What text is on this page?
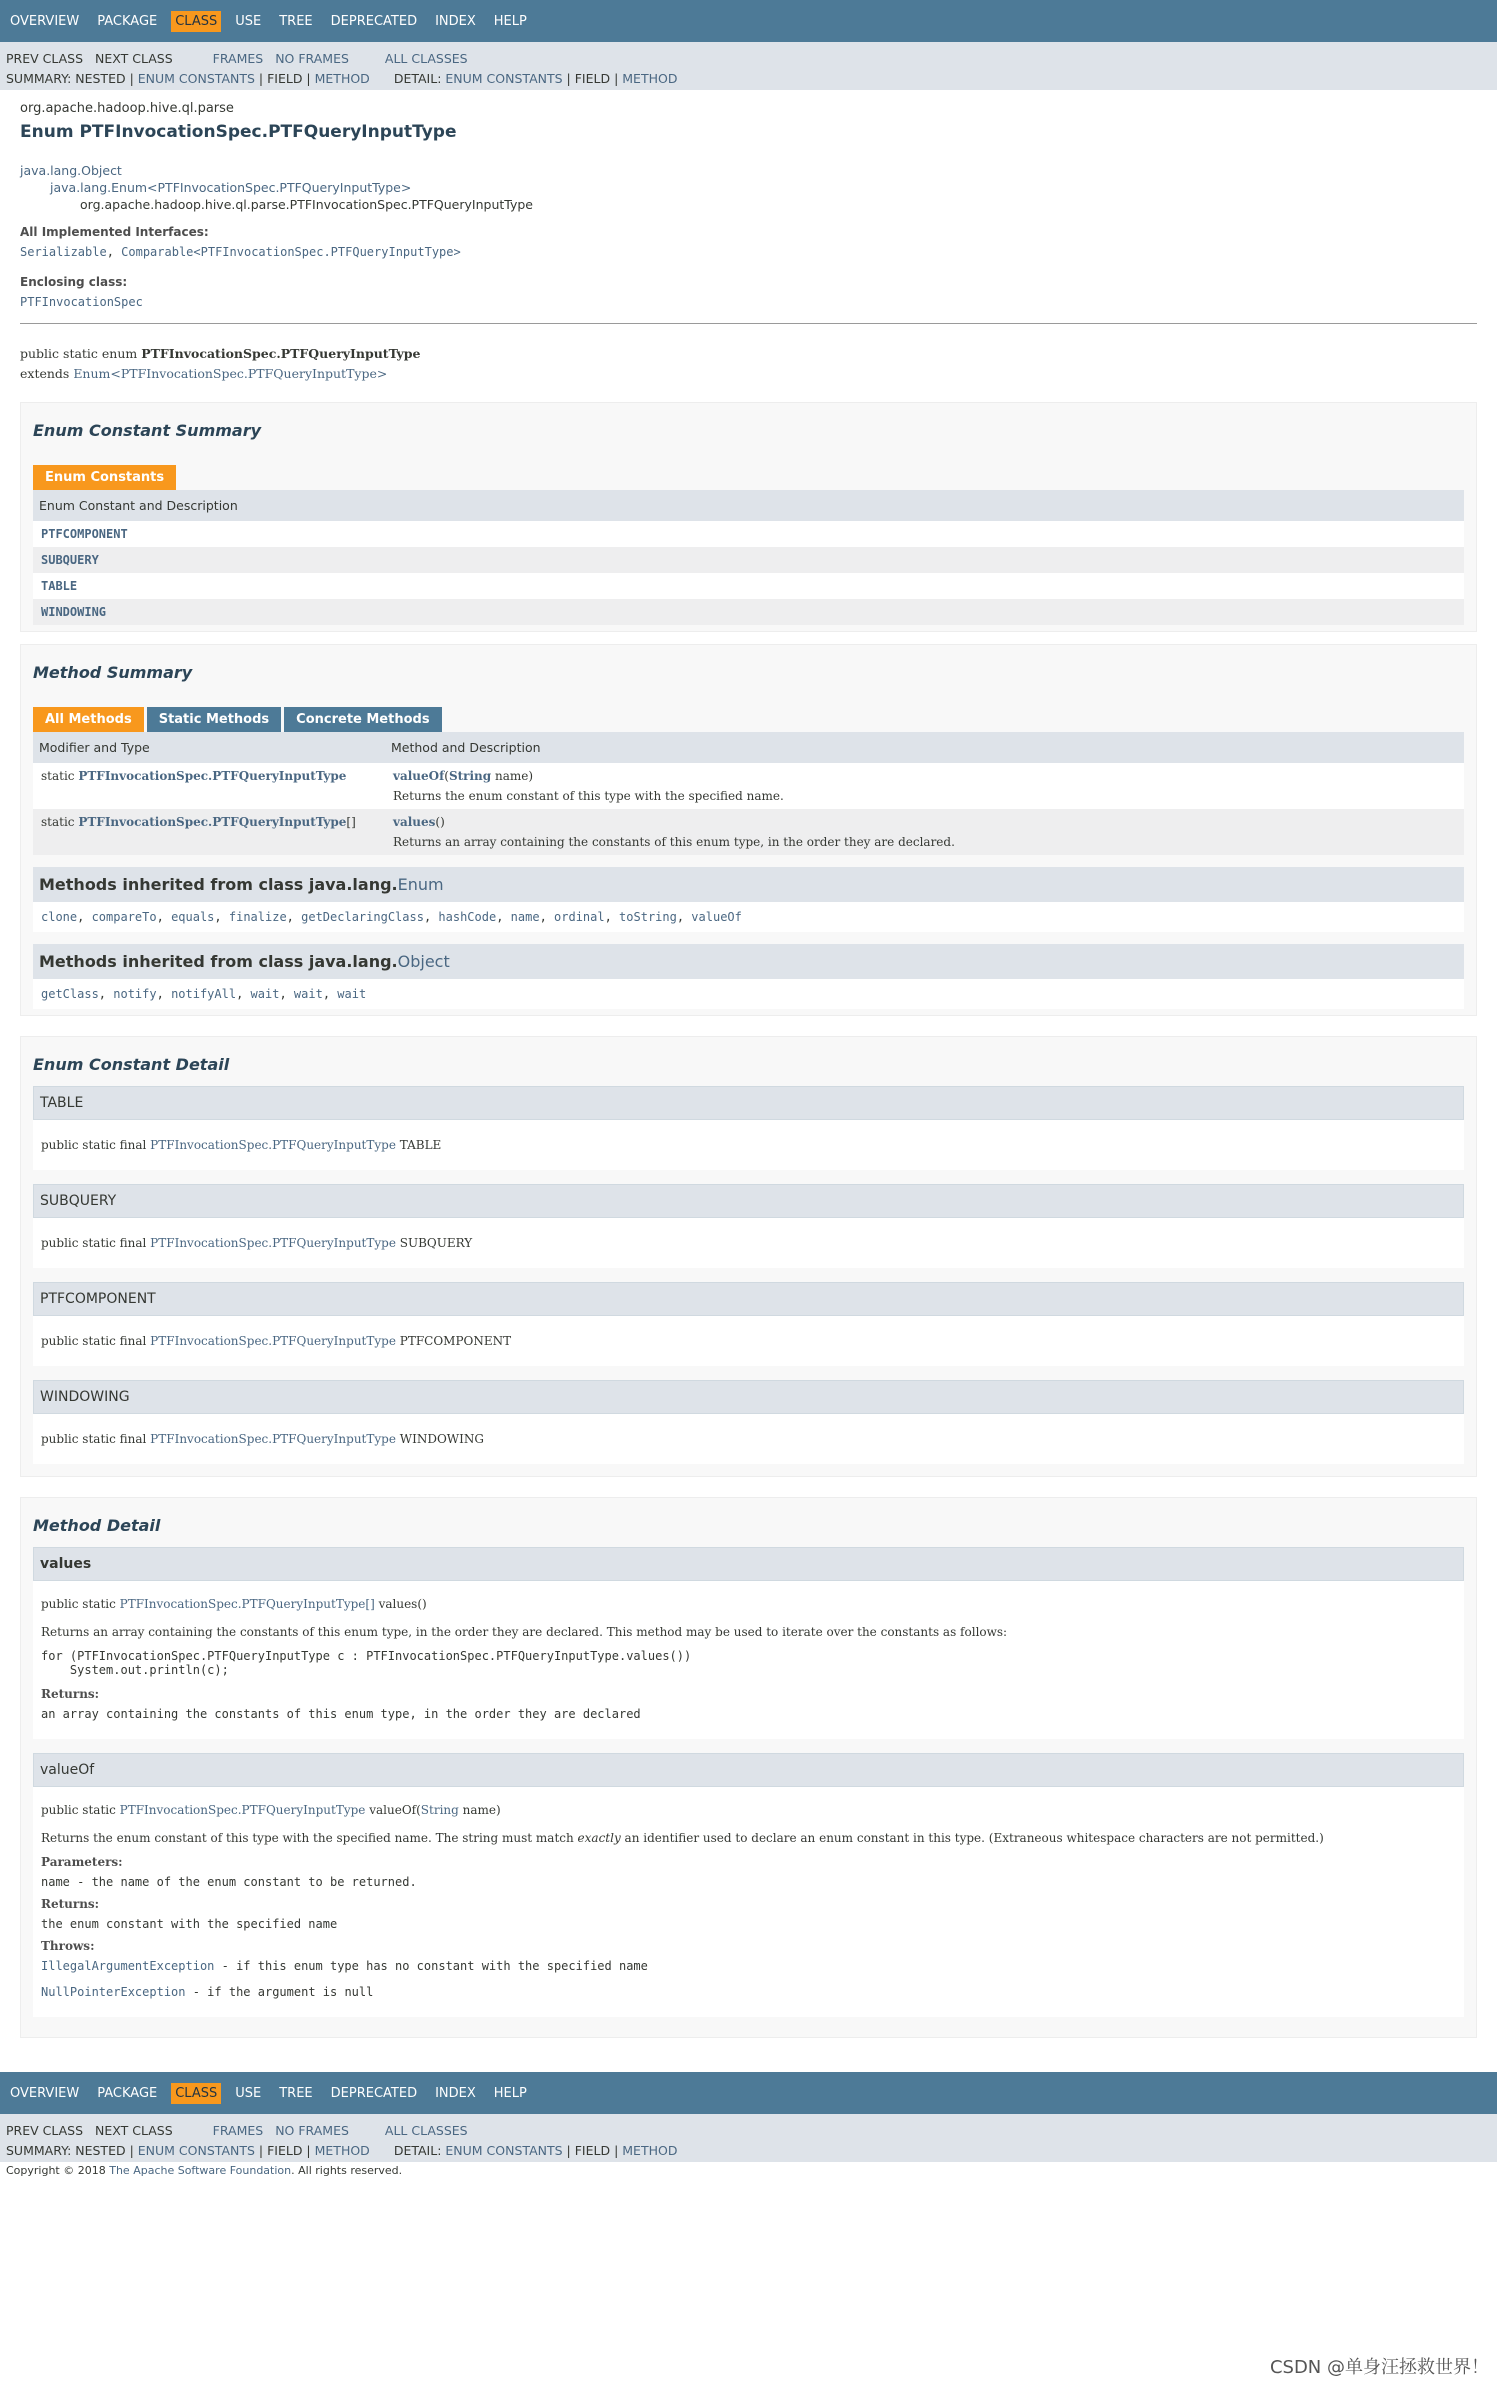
OVERVIEW	PACKAGE	CLASS	USE	TREE	DEPRECATED	INDEX	HELP
PREV CLASS NEXT CLASS	FRAMES NO FRAMES	ALL CLASSES
SUMMARY: NESTED |
ENUM CONSTANTS
| FIELD |
METHOD DETAIL:
ENUM CONSTANTS
| FIELD |
METHOD
org.apache.hadoop.hive.ql.parse
Enum PTFInvocationSpec.PTFQueryInputType
java.lang.Object
java.lang.Enum<PTFInvocationSpec.PTFQueryInputType>
org.apache.hadoop.hive.ql.parse.PTFInvocationSpec.PTFQueryInputType
All Implemented Interfaces:
Serializable, Comparable<PTFInvocationSpec.PTFQueryInputType>
Enclosing class:
PTFInvocationSpec
public static enum PTFInvocationSpec.PTFQueryInputType
extends Enum<PTFInvocationSpec.PTFQueryInputType>
Enum Constant Summary
Enum Constants
Enum Constant and Description
PTFCOMPONENT
SUBQUERY
TABLE
WINDOWING
Method Summary
All Methods	Static Methods	Concrete Methods
Modifier and Type	Method and Description
static PTFInvocationSpec.PTFQueryInputType	valueOf(String name)
Returns the enum constant of this type with the specified name.

static PTFInvocationSpec.PTFQueryInputType[]	values()
Returns an array containing the constants of this enum type, in the order they are declared.
Methods inherited from class java.lang.Enum
clone, compareTo, equals, finalize, getDeclaringClass, hashCode, name, ordinal, toString, valueOf
Methods inherited from class java.lang.Object
getClass, notify, notifyAll, wait, wait, wait
Enum Constant Detail
TABLE
public static final PTFInvocationSpec.PTFQueryInputType TABLE
SUBQUERY
public static final PTFInvocationSpec.PTFQueryInputType SUBQUERY
PTFCOMPONENT
public static final PTFInvocationSpec.PTFQueryInputType PTFCOMPONENT
WINDOWING
public static final PTFInvocationSpec.PTFQueryInputType WINDOWING
Method Detail
values

public static PTFInvocationSpec.PTFQueryInputType[] values()

Returns an array containing the constants of this enum type, in the order they are declared. This method may be used to iterate over the constants as follows:

for (PTFInvocationSpec.PTFQueryInputType c : PTFInvocationSpec.PTFQueryInputType.values())
System.out.println(c);
Returns:
an array containing the constants of this enum type, in the order they are declared
valueOf

public static PTFInvocationSpec.PTFQueryInputType valueOf(String name)

Returns the enum constant of this type with the specified name. The string must match exactly an identifier used to declare an enum constant in this type. (Extraneous whitespace characters are not permitted.)

Parameters:
name - the name of the enum constant to be returned.
Returns:
the enum constant with the specified name
Throws:
IllegalArgumentException - if this enum type has no constant with the specified name
NullPointerException - if the argument is null
OVERVIEW	PACKAGE	CLASS	USE	TREE	DEPRECATED	INDEX	HELP
PREV CLASS NEXT CLASS	FRAMES NO FRAMES	ALL CLASSES
SUMMARY: NESTED |
ENUM CONSTANTS
| FIELD |
METHOD DETAIL:
ENUM CONSTANTS
| FIELD |
METHOD
Copyright © 2018 The Apache Software Foundation. All rights reserved.
CSDN @单身汪拯救世界！
